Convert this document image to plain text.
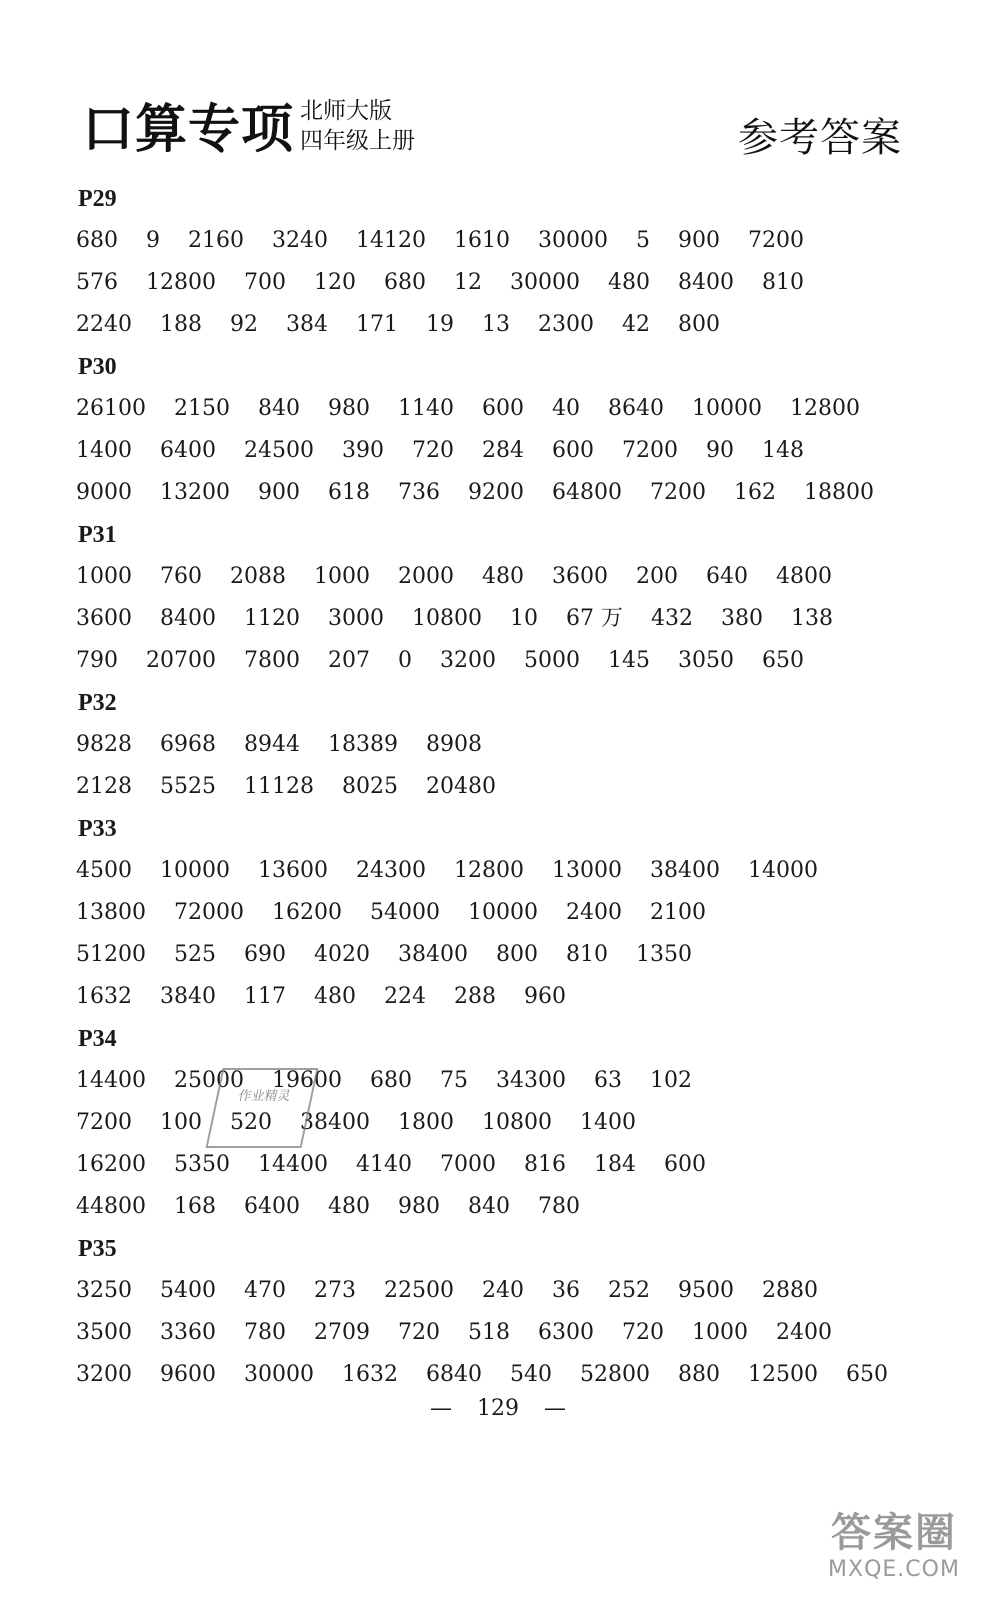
口算专项 北师大版
四年级上册	参考答案
P29
680 9 2160 3240 14120 1610 30000 5 900 7200
576 12800 700 120 680 12 30000 480 8400 810
2240 188 92 384 171 19 13 2300 42 800
P30
26100 2150 840 980 1140 600 40 8640 10000 12800
1400 6400 24500 390 720 284 600 7200 90 148
9000 13200 900 618 736 9200 64800 7200 162 18800
P31
1000 760 2088 1000 2000 480 3600 200 640 4800
3600 8400 1120 3000 10800 10 67 万 432 380 138
790 20700 7800 207 0 3200 5000 145 3050 650
P32
9828 6968 8944 18389 8908
2128 5525 11128 8025 20480
P33
4500 10000 13600 24300 12800 13000 38400 14000
13800 72000 16200 54000 10000 2400 2100
51200 525 690 4020 38400 800 810 1350
1632 3840 117 480 224 288 960
P34
14400 25000 19600 680 75 34300 63 102
7200 100 520 38400 1800 10800 1400
16200 5350 14400 4140 7000 816 184 600
44800 168 6400 480 980 840 780
P35
3250 5400 470 273 22500 240 36 252 9500 2880
3500 3360 780 2709 720 518 6300 720 1000 2400
3200 9600 30000 1632 6840 540 52800 880 12500 650
— 129 —
作业精灵
答案圈
MXQE.COM
